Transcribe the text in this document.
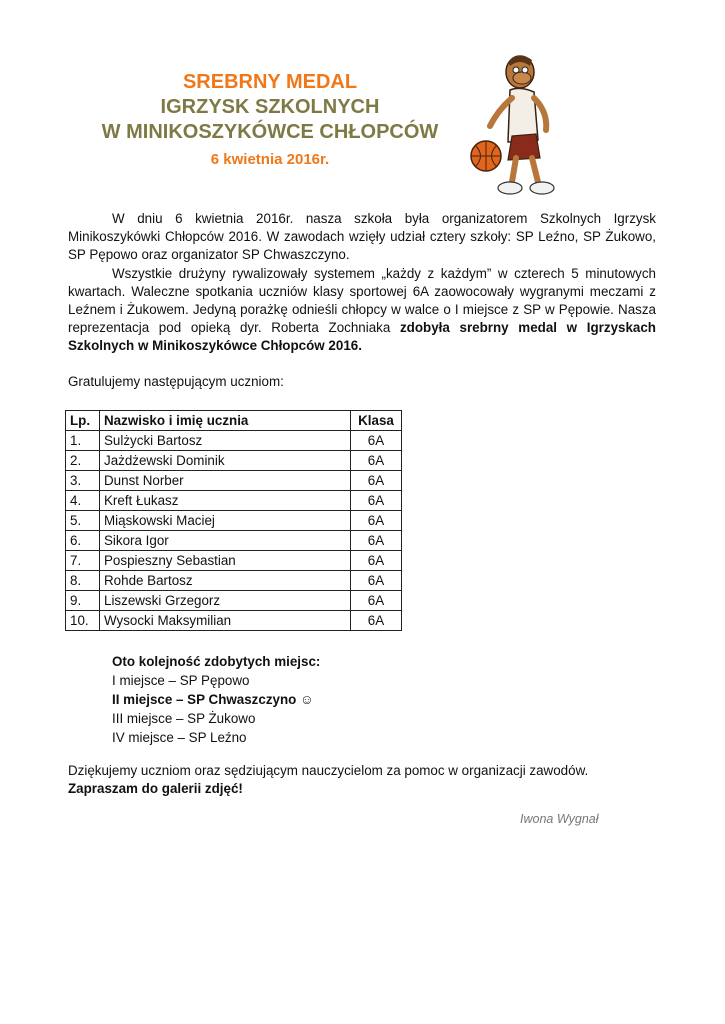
SREBRNY MEDAL
IGRZYSK SZKOLNYCH
W MINIKOSZYKÓWCE CHŁOPCÓW
6 kwietnia 2016r.

W dniu 6 kwietnia 2016r. nasza szkoła była organizatorem Szkolnych Igrzysk Minikoszykówki Chłopców 2016. W zawodach wzięły udział cztery szkoły: SP Leźno, SP Żukowo, SP Pępowo oraz organizator SP Chwaszczyno.

Wszystkie drużyny rywalizowały systemem „każdy z każdym” w czterech 5 minutowych kwartach. Waleczne spotkania uczniów klasy sportowej 6A zaowocowały wygranymi meczami z Leźnem i Żukowem. Jedyną porażkę odnieśli chłopcy w walce o I miejsce z SP w Pępowie. Nasza reprezentacja pod opieką dyr. Roberta Zochniaka zdobyła srebrny medal w Igrzyskach Szkolnych w Minikoszykówce Chłopców 2016.

Gratulujemy następującym uczniom:
Lp.	Nazwisko i imię ucznia	Klasa
1.	Sulżycki Bartosz	6A
2.	Jażdżewski Dominik	6A
3.	Dunst Norber	6A
4.	Kreft Łukasz	6A
5.	Miąskowski Maciej	6A
6.	Sikora Igor	6A
7.	Pospieszny Sebastian	6A
8.	Rohde Bartosz	6A
9.	Liszewski Grzegorz	6A
10.	Wysocki Maksymilian	6A
Oto kolejność zdobytych miejsc:
I miejsce – SP Pępowo
II miejsce – SP Chwaszczyno ☺
III miejsce – SP Żukowo
IV miejsce – SP Leźno
Dziękujemy uczniom oraz sędziującym nauczycielom za pomoc w organizacji zawodów.
Zapraszam do galerii zdjęć!
Iwona Wygnał
